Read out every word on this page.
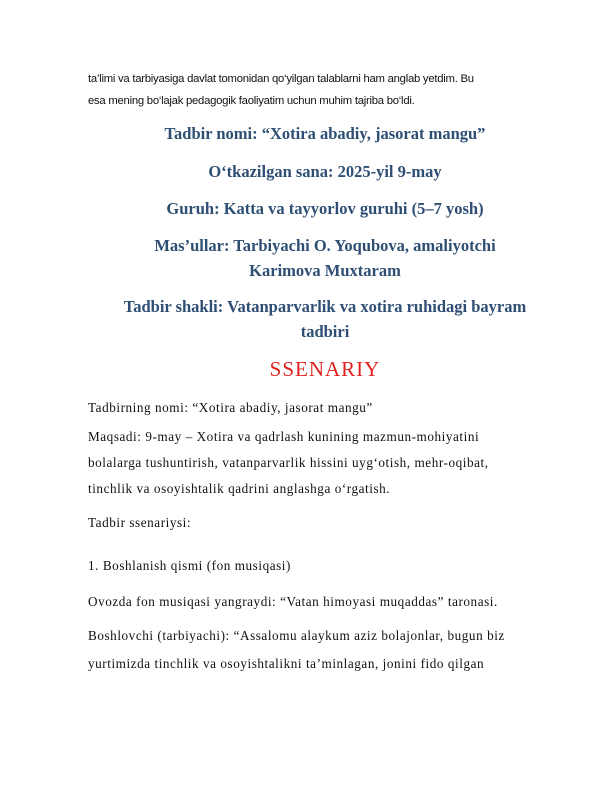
ta’limi va tarbiyasiga davlat tomonidan qo‘yilgan talablarni ham anglab yetdim. Bu
esa mening bo‘lajak pedagogik faoliyatim uchun muhim tajriba bo‘ldi.
Tadbir nomi: “Xotira abadiy, jasorat mangu”
O‘tkazilgan sana: 2025-yil 9-may
Guruh: Katta va tayyorlov guruhi (5–7 yosh)
Mas’ullar: Tarbiyachi O. Yoqubova, amaliyotchi
Karimova Muxtaram
Tadbir shakli: Vatanparvarlik va xotira ruhidagi bayram
tadbiri
SSENARIY
Tadbirning nomi: “Xotira abadiy, jasorat mangu”
Maqsadi: 9-may – Xotira va qadrlash kunining mazmun-mohiyatini
bolalarga tushuntirish, vatanparvarlik hissini uyg‘otish, mehr-oqibat,
tinchlik va osoyishtalik qadrini anglashga o‘rgatish.
Tadbir ssenariysi:
1. Boshlanish qismi (fon musiqasi)
Ovozda fon musiqasi yangraydi: “Vatan himoyasi muqaddas” taronasi.
Boshlovchi (tarbiyachi): “Assalomu alaykum aziz bolajonlar, bugun biz
yurtimizda tinchlik va osoyishtalikni ta’minlagan, jonini fido qilgan
